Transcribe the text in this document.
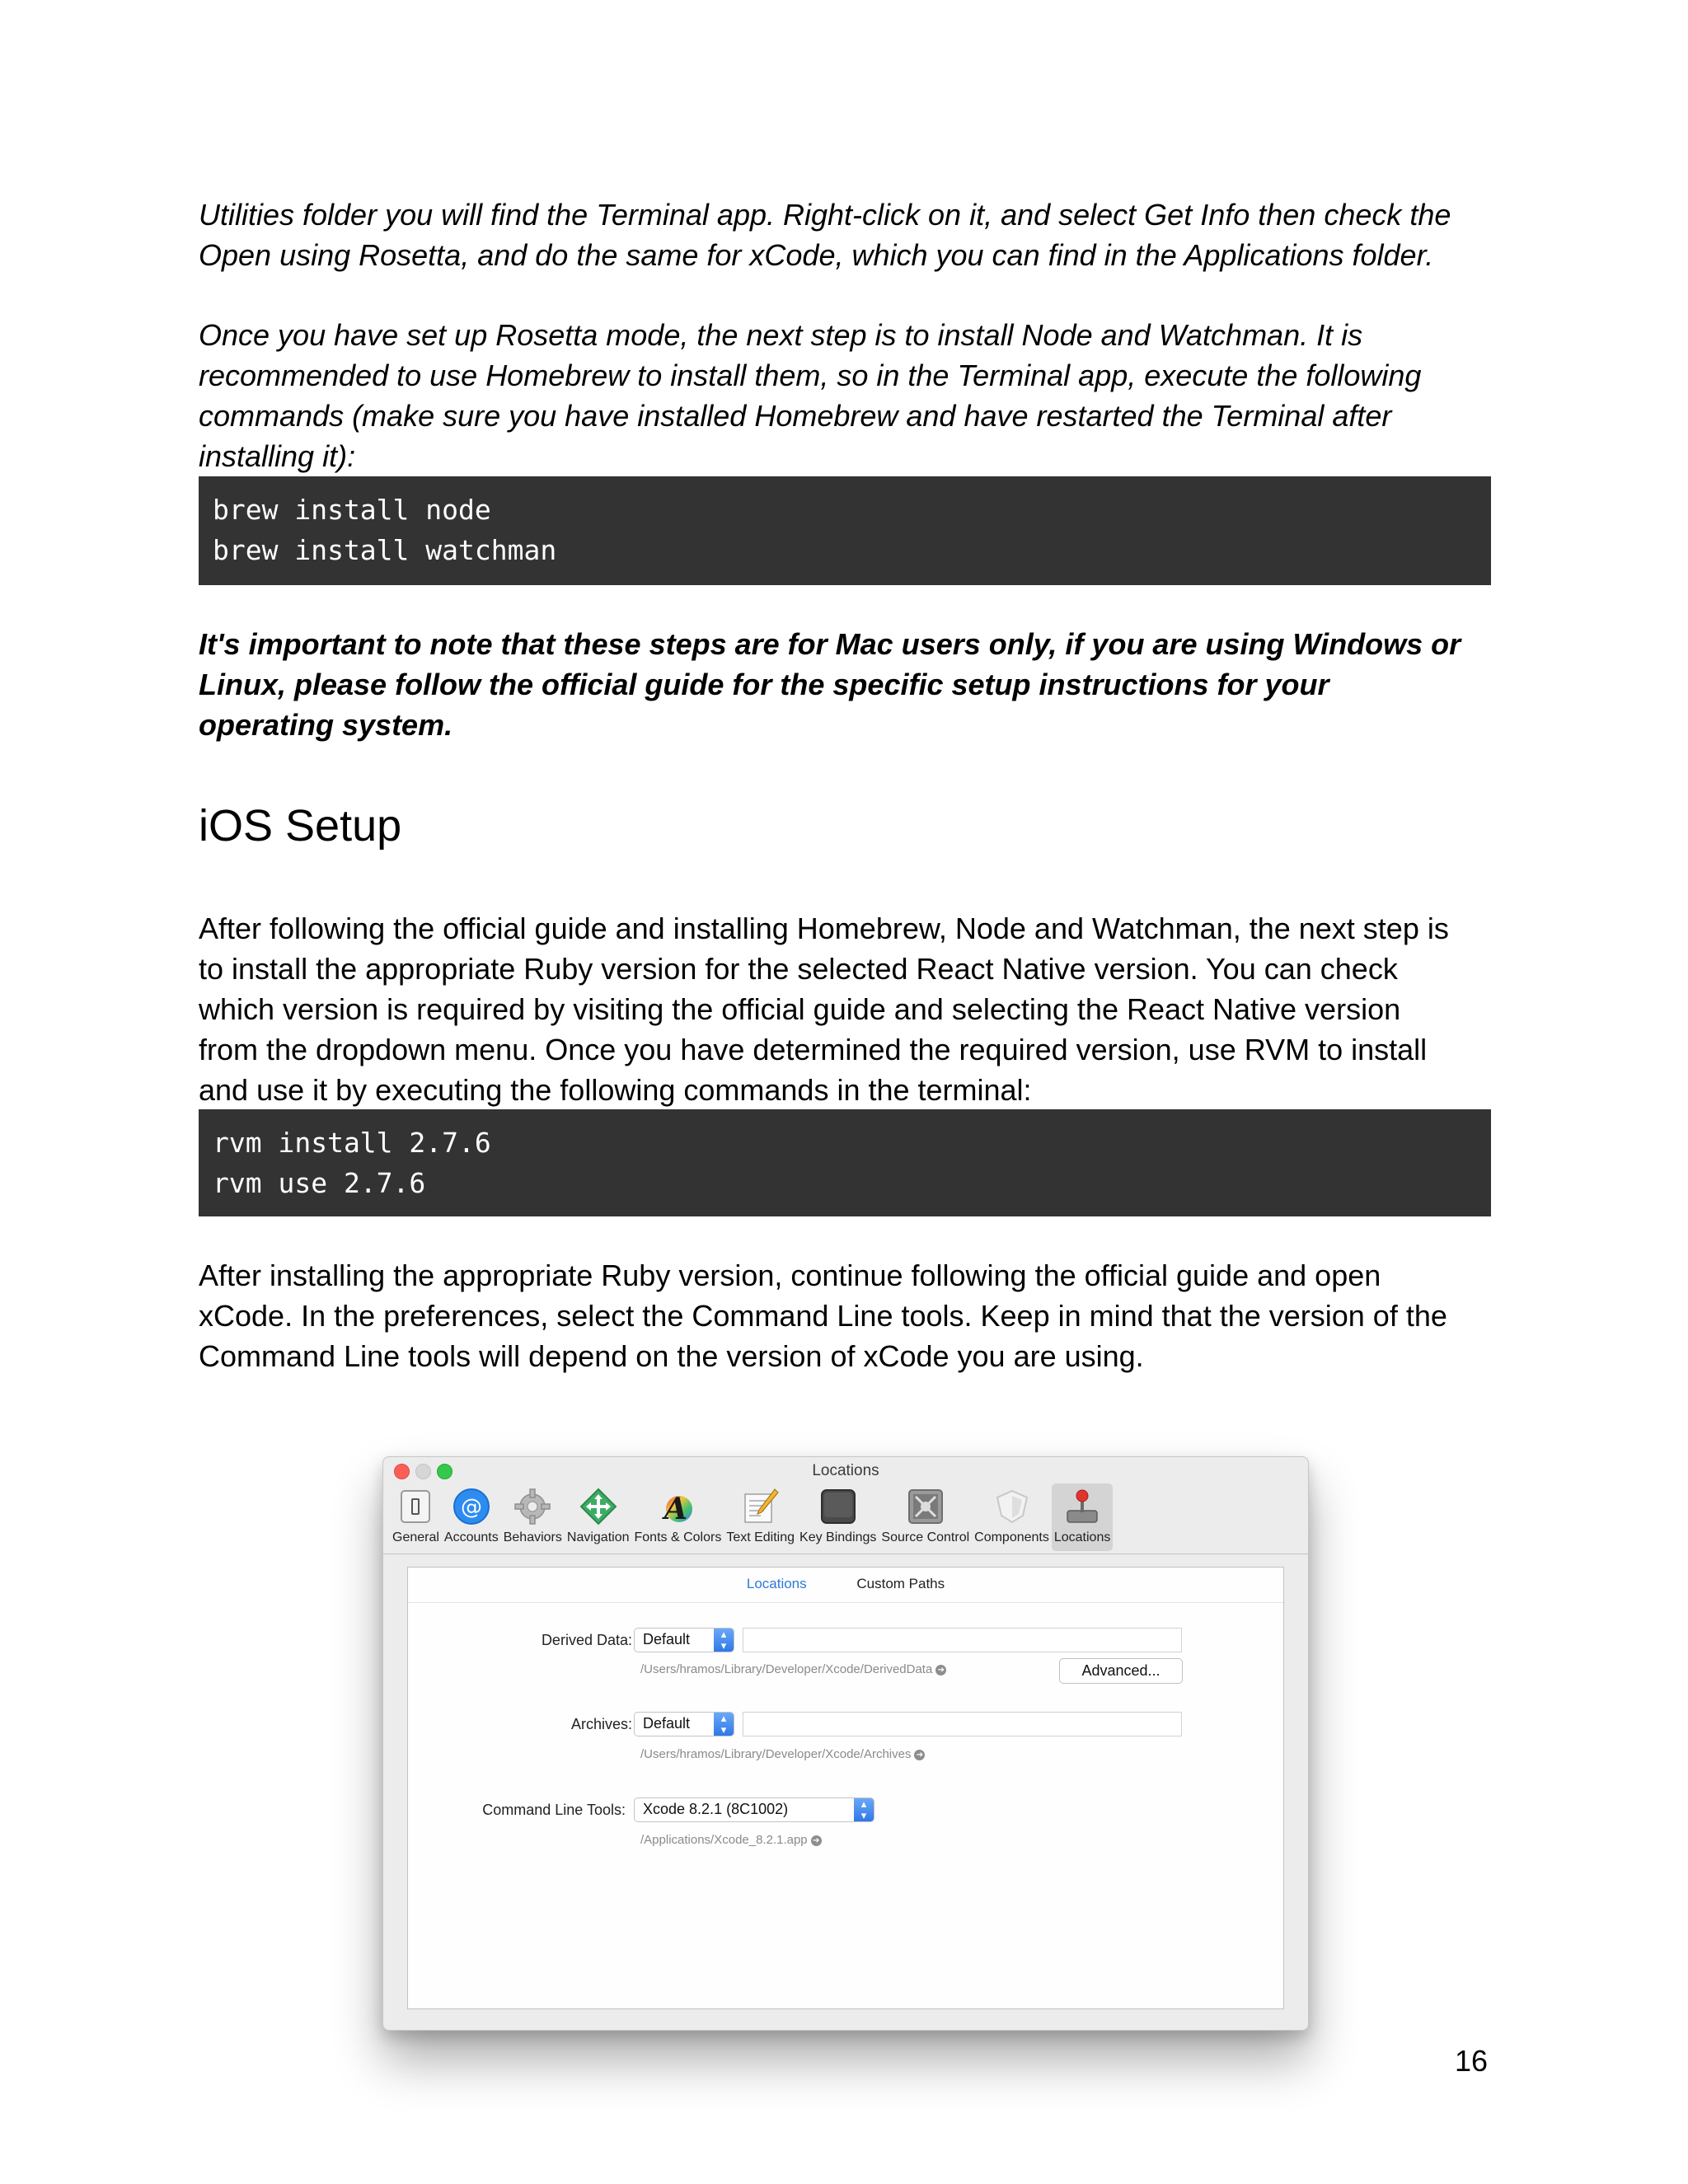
Utilities folder you will find the Terminal app. Right-click on it, and select Get Info then check the
Open using Rosetta, and do the same for xCode, which you can find in the Applications folder.

Once you have set up Rosetta mode, the next step is to install Node and Watchman. It is
recommended to use Homebrew to install them, so in the Terminal app, execute the following
commands (make sure you have installed Homebrew and have restarted the Terminal after
installing it):

brew install node
brew install watchman

It's important to note that these steps are for Mac users only, if you are using Windows or
Linux, please follow the official guide for the specific setup instructions for your
operating system.

iOS Setup

After following the official guide and installing Homebrew, Node and Watchman, the next step is
to install the appropriate Ruby version for the selected React Native version. You can check
which version is required by visiting the official guide and selecting the React Native version
from the dropdown menu. Once you have determined the required version, use RVM to install
and use it by executing the following commands in the terminal:

rvm install 2.7.6
rvm use 2.7.6

After installing the appropriate Ruby version, continue following the official guide and open
xCode. In the preferences, select the Command Line tools. Keep in mind that the version of the
Command Line tools will depend on the version of xCode you are using.

Locations
General
@
Accounts Behaviors Navigation
A
Fonts & Colors Text Editing Key Bindings Source Control Components Locations
Locations	Custom Paths
Derived Data: Default	▴
▾
/Users/hramos/Library/Developer/Xcode/DerivedData ➔	Advanced...
Archives: Default	▴
▾
/Users/hramos/Library/Developer/Xcode/Archives ➔
Command Line Tools:	Xcode 8.2.1 (8C1002)	▴
▾
/Applications/Xcode_8.2.1.app ➔
16
